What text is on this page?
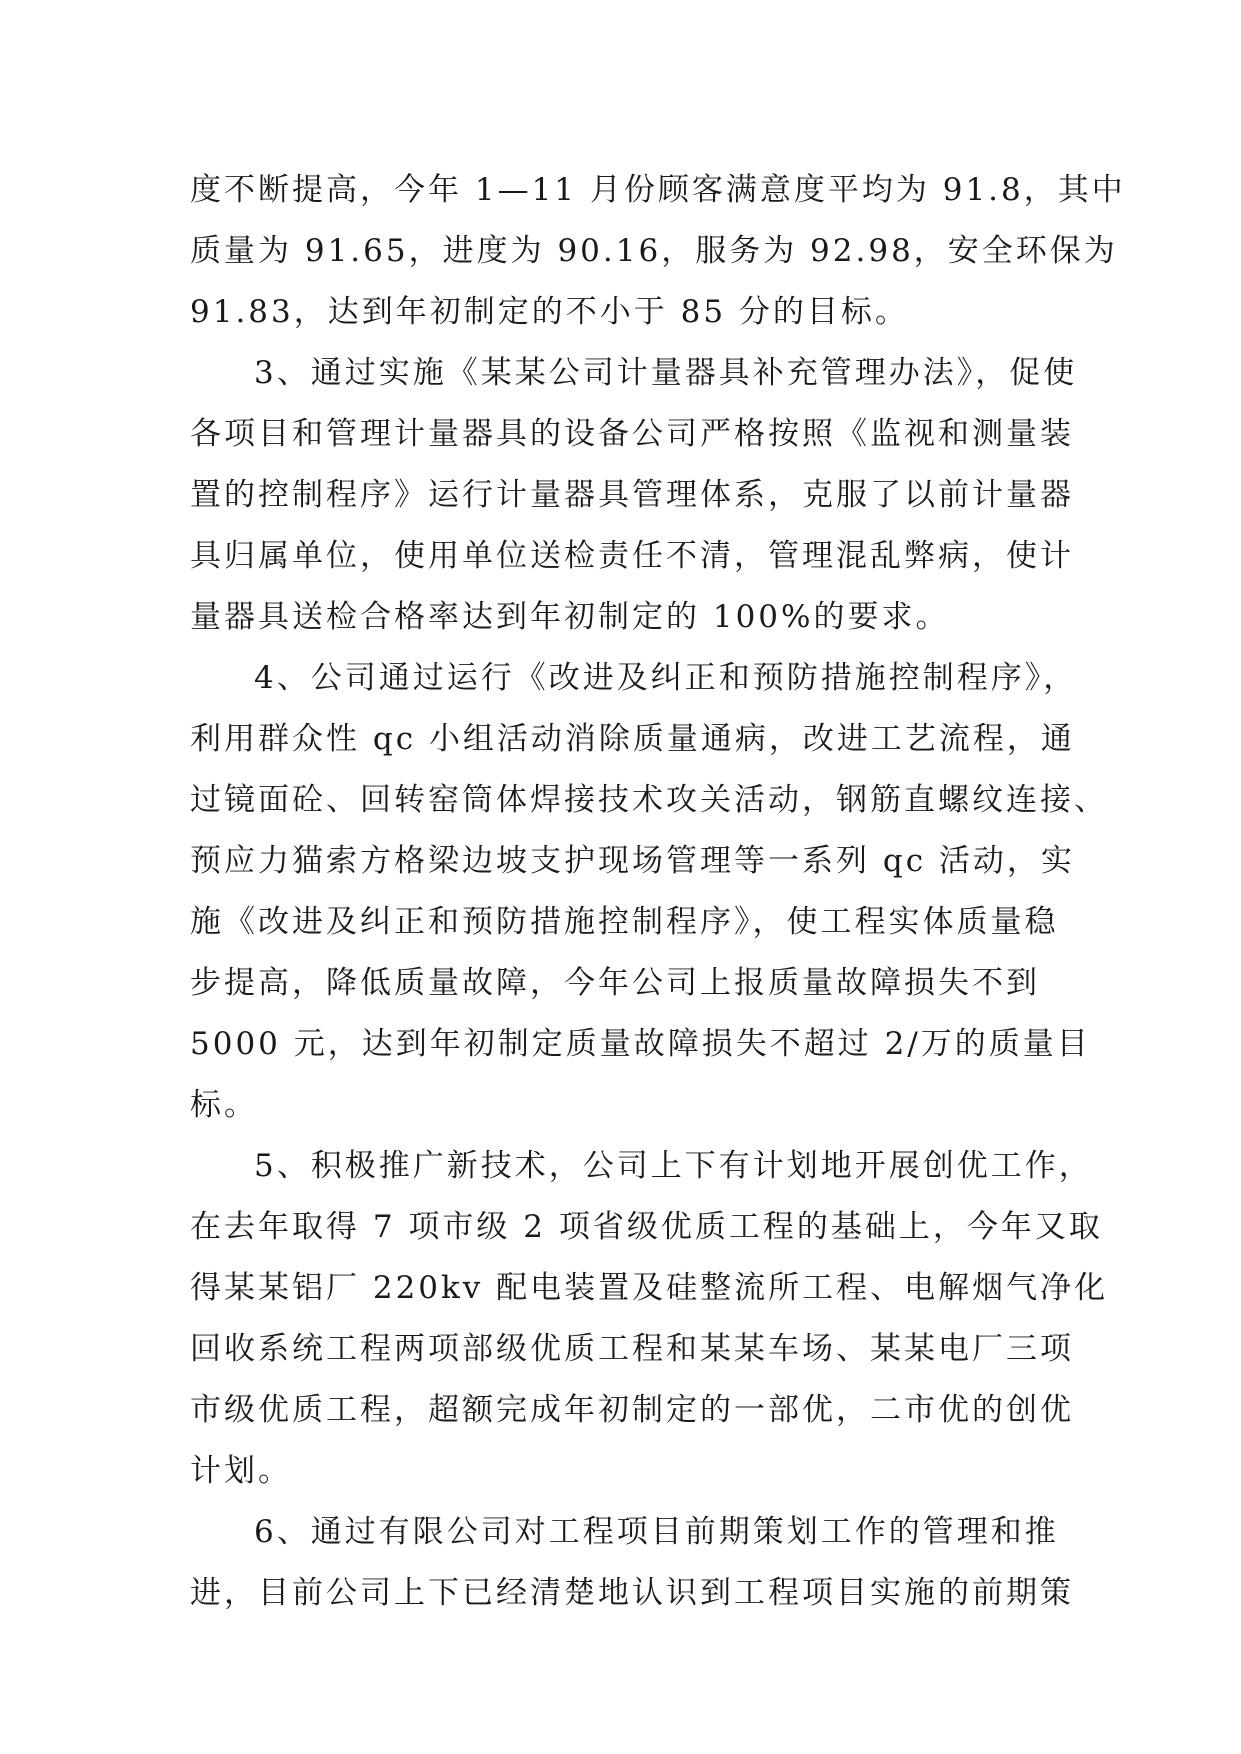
度不断提高，今年 1—11 月份顾客满意度平均为 91.8，其中
质量为 91.65，进度为 90.16，服务为 92.98，安全环保为
91.83，达到年初制定的不小于 85 分的目标。
3、通过实施《某某公司计量器具补充管理办法》，促使
各项目和管理计量器具的设备公司严格按照《监视和测量装
置的控制程序》运行计量器具管理体系，克服了以前计量器
具归属单位，使用单位送检责任不清，管理混乱弊病，使计
量器具送检合格率达到年初制定的 100%的要求。
4、公司通过运行《改进及纠正和预防措施控制程序》，
利用群众性 qc 小组活动消除质量通病，改进工艺流程，通
过镜面砼、回转窑筒体焊接技术攻关活动，钢筋直螺纹连接、
预应力猫索方格梁边坡支护现场管理等一系列 qc 活动，实
施《改进及纠正和预防措施控制程序》，使工程实体质量稳
步提高，降低质量故障，今年公司上报质量故障损失不到
5000 元，达到年初制定质量故障损失不超过 2/万的质量目
标。
5、积极推广新技术，公司上下有计划地开展创优工作，
在去年取得 7 项市级 2 项省级优质工程的基础上，今年又取
得某某铝厂 220kv 配电装置及硅整流所工程、电解烟气净化
回收系统工程两项部级优质工程和某某车场、某某电厂三项
市级优质工程，超额完成年初制定的一部优，二市优的创优
计划。
6、通过有限公司对工程项目前期策划工作的管理和推
进，目前公司上下已经清楚地认识到工程项目实施的前期策
